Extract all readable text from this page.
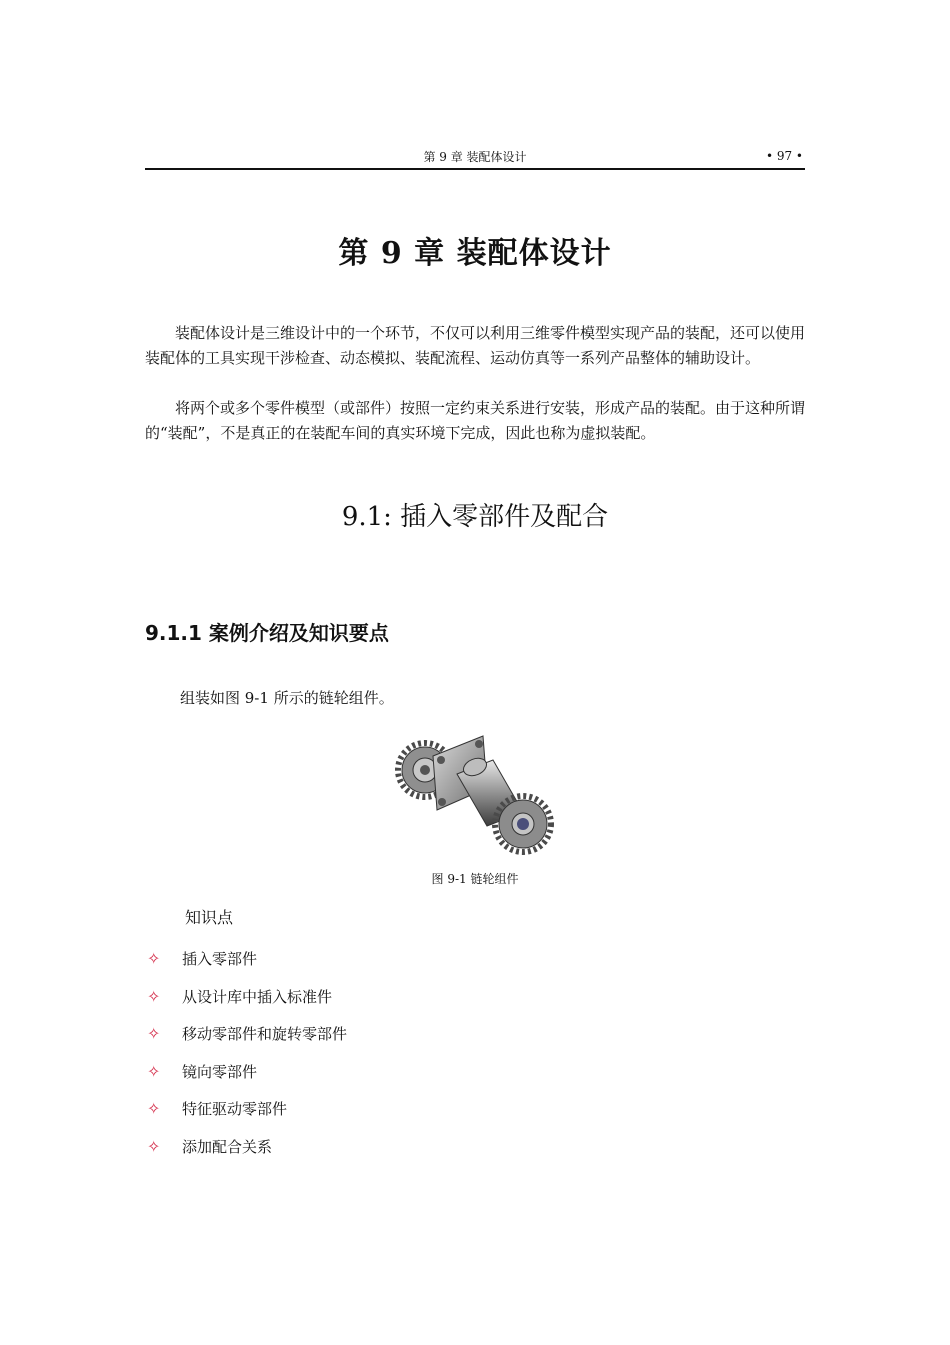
第 9 章 装配体设计	• 97 •
第 9 章 装配体设计

装配体设计是三维设计中的一个环节，不仅可以利用三维零件模型实现产品的装配，还可以使用装配体的工具实现干涉检查、动态模拟、装配流程、运动仿真等一系列产品整体的辅助设计。

将两个或多个零件模型（或部件）按照一定约束关系进行安装，形成产品的装配。由于这种所谓的“装配”，不是真正的在装配车间的真实环境下完成，因此也称为虚拟装配。

9.1: 插入零部件及配合
9.1.1 案例介绍及知识要点
组装如图 9-1 所示的链轮组件。
图 9-1 链轮组件
知识点
✧	插入零部件
✧	从设计库中插入标准件
✧	移动零部件和旋转零部件
✧	镜向零部件
✧	特征驱动零部件
✧	添加配合关系
